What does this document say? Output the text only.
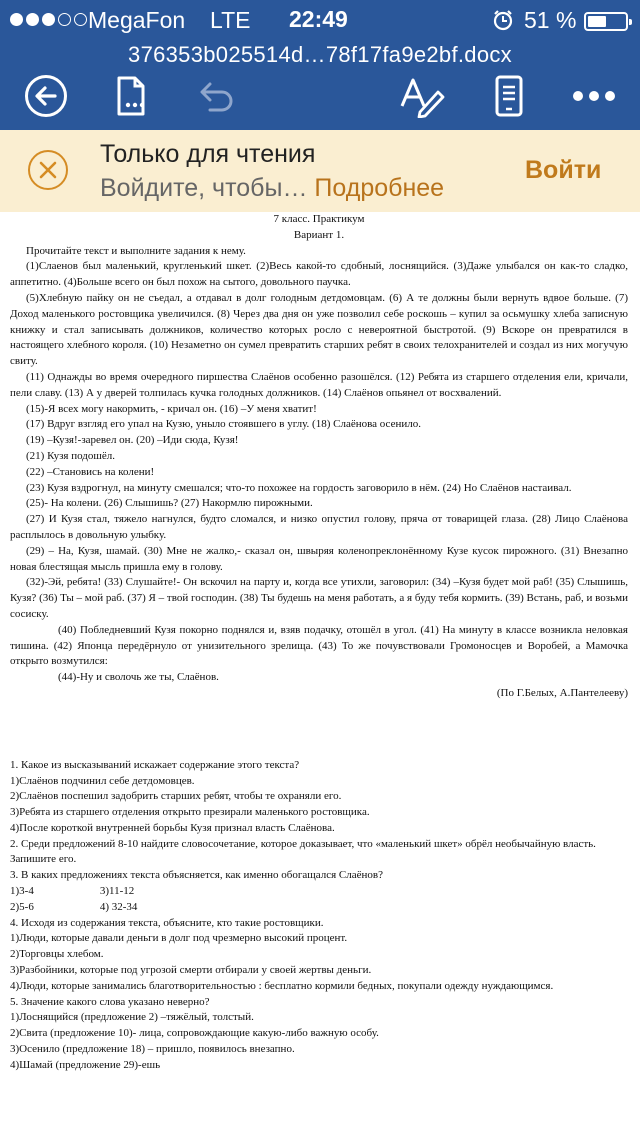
MegaFon LTE 22:49	51 %
376353b025514d…78f17fa9e2bf.docx
Только для чтения
Войдите, чтобы… Подробнее
Войти

7 класс. Практикум

Вариант 1.

Прочитайте текст и выполните задания к нему.

(1)Слаенов был маленький, кругленький шкет. (2)Весь какой-то сдобный, лоснящийся. (3)Даже улыбался он как-то сладко, аппетитно. (4)Больше всего он был похож на сытого, довольного паучка.

(5)Хлебную пайку он не съедал, а отдавал в долг голодным детдомовцам. (6) А те должны были вернуть вдвое больше. (7) Доход маленького ростовщика увеличился. (8) Через два дня он уже позволил себе роскошь – купил за осьмушку хлеба записную книжку и стал записывать должников, количество которых росло с невероятной быстротой. (9) Вскоре он превратился в настоящего хлебного короля. (10) Незаметно он сумел превратить старших ребят в своих телохранителей и создал из них могучую свиту.

(11) Однажды во время очередного пиршества Слаёнов особенно разошёлся. (12) Ребята из старшего отделения ели, кричали, пели славу. (13) А у дверей толпилась кучка голодных должников. (14) Слаёнов опьянел от восхвалений.

(15)-Я всех могу накормить, - кричал он. (16) –У меня хватит!

(17) Вдруг взгляд его упал на Кузю, уныло стоявшего в углу. (18) Слаёнова осенило.

(19) –Кузя!-заревел он. (20) –Иди сюда, Кузя!

(21) Кузя подошёл.

(22) –Становись на колени!

(23) Кузя вздрогнул, на минуту смешался; что-то похожее на гордость заговорило в нём. (24) Но Слаёнов настаивал.

(25)- На колени. (26) Слышишь? (27) Накормлю пирожными.

(27) И Кузя стал, тяжело нагнулся, будто сломался, и низко опустил голову, пряча от товарищей глаза. (28) Лицо Слаёнова расплылось в довольную улыбку.

(29) – На, Кузя, шамай. (30) Мне не жалко,- сказал он, швыряя коленопреклонённому Кузе кусок пирожного. (31) Внезапно новая блестящая мысль пришла ему в голову.

(32)-Эй, ребята! (33) Слушайте!- Он вскочил на парту и, когда все утихли, заговорил: (34) –Кузя будет мой раб! (35) Слышишь, Кузя? (36) Ты – мой раб. (37) Я – твой господин. (38) Ты будешь на меня работать, а я буду тебя кормить. (39) Встань, раб, и возьми сосиску.

(40) Побледневший Кузя покорно поднялся и, взяв подачку, отошёл в угол. (41) На минуту в классе возникла неловкая тишина. (42) Японца передёрнуло от унизительного зрелища. (43) То же почувствовали Громоносцев и Воробей, а Мамочка открыто возмутился:

(44)-Ну и сволочь же ты, Слаёнов.

(По Г.Белых, А.Пантелееву)

1. Какое из высказываний искажает содержание этого текста?

1)Слаёнов подчинил себе детдомовцев.

2)Слаёнов поспешил задобрить старших ребят, чтобы те охраняли его.

3)Ребята из старшего отделения открыто презирали маленького ростовщика.

4)После короткой внутренней борьбы Кузя признал власть Слаёнова.

2. Среди предложений 8-10 найдите словосочетание, которое доказывает, что «маленький шкет» обрёл необычайную власть. Запишите его.

3. В каких предложениях текста объясняется, как именно обогащался Слаёнов?

1)3-4                        3)11-12

2)5-6                        4) 32-34

4. Исходя из содержания текста, объясните, кто такие ростовщики.

1)Люди, которые давали деньги в долг под чрезмерно высокий процент.

2)Торговцы хлебом.

3)Разбойники, которые под угрозой смерти отбирали у своей жертвы деньги.

4)Люди, которые занимались благотворительностью : бесплатно кормили бедных, покупали одежду нуждающимся.

5. Значение какого слова указано неверно?

1)Лоснящийся (предложение 2) –тяжёлый, толстый.

2)Свита (предложение 10)- лица, сопровождающие какую-либо важную особу.

3)Осенило (предложение 18) – пришло, появилось внезапно.

4)Шамай (предложение 29)-ешь
